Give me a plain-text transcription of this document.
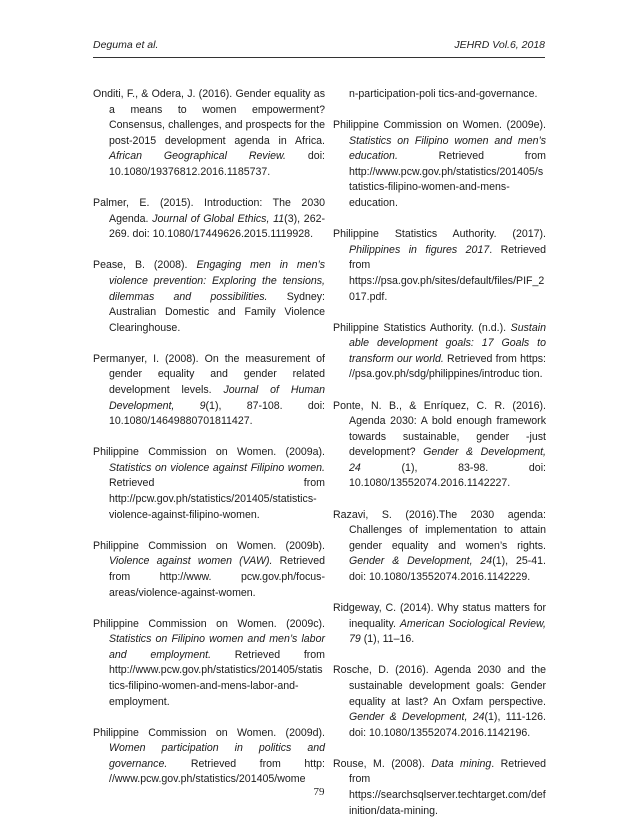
Deguma et al.	JEHRD Vol.6, 2018

Onditi, F., & Odera, J. (2016). Gender equality as a means to women empowerment? Consensus, challenges, and prospects for the post-2015 development agenda in Africa. African Geographical Review. doi: 10.1080/19376812.2016.1185737.

Palmer, E. (2015). Introduction: The 2030 Agenda. Journal of Global Ethics, 11(3), 262-269. doi: 10.1080/17449626.2015.1119928.

Pease, B. (2008). Engaging men in men’s violence prevention: Exploring the tensions, dilemmas and possibilities. Sydney: Australian Domestic and Family Violence Clearinghouse.

Permanyer, I. (2008). On the measurement of gender equality and gender related development levels. Journal of Human Development, 9(1), 87-108. doi: 10.1080/14649880701811427.

Philippine Commission on Women. (2009a). Statistics on violence against Filipino women. Retrieved from http://pcw.gov.ph/statistics/201405/statistics-violence-against-filipino-women.

Philippine Commission on Women. (2009b). Violence against women (VAW). Retrieved from http://www. pcw.gov.ph/focus-areas/violence-against-women.

Philippine Commission on Women. (2009c). Statistics on Filipino women and men’s labor and employment. Retrieved from http://www.pcw.gov.ph/statistics/201405/statistics-filipino-women-and-mens-labor-and-employment.

Philippine Commission on Women. (2009d). Women participation in politics and governance. Retrieved from http: //www.pcw.gov.ph/statistics/201405/wome

n-participation-poli tics-and-governance.

Philippine Commission on Women. (2009e). Statistics on Filipino women and men’s education. Retrieved from http://www.pcw.gov.ph/statistics/201405/statistics-filipino-women-and-mens-education.

Philippine Statistics Authority. (2017). Philippines in figures 2017. Retrieved from https://psa.gov.ph/sites/default/files/PIF_2017.pdf.

Philippine Statistics Authority. (n.d.). Sustain able development goals: 17 Goals to transform our world. Retrieved from https: //psa.gov.ph/sdg/philippines/introduc tion.

Ponte, N. B., & Enríquez, C. R. (2016). Agenda 2030: A bold enough framework towards sustainable, gender -just development? Gender & Development, 24 (1), 83-98. doi: 10.1080/13552074.2016.1142227.

Razavi, S. (2016).The 2030 agenda: Challenges of implementation to attain gender equality and women’s rights. Gender & Development, 24(1), 25-41. doi: 10.1080/13552074.2016.1142229.

Ridgeway, C. (2014). Why status matters for inequality. American Sociological Review, 79 (1), 11–16.

Rosche, D. (2016). Agenda 2030 and the sustainable development goals: Gender equality at last? An Oxfam perspective. Gender & Development, 24(1), 111-126. doi: 10.1080/13552074.2016.1142196.

Rouse, M. (2008). Data mining. Retrieved from https://searchsqlserver.techtarget.com/definition/data-mining.

79
